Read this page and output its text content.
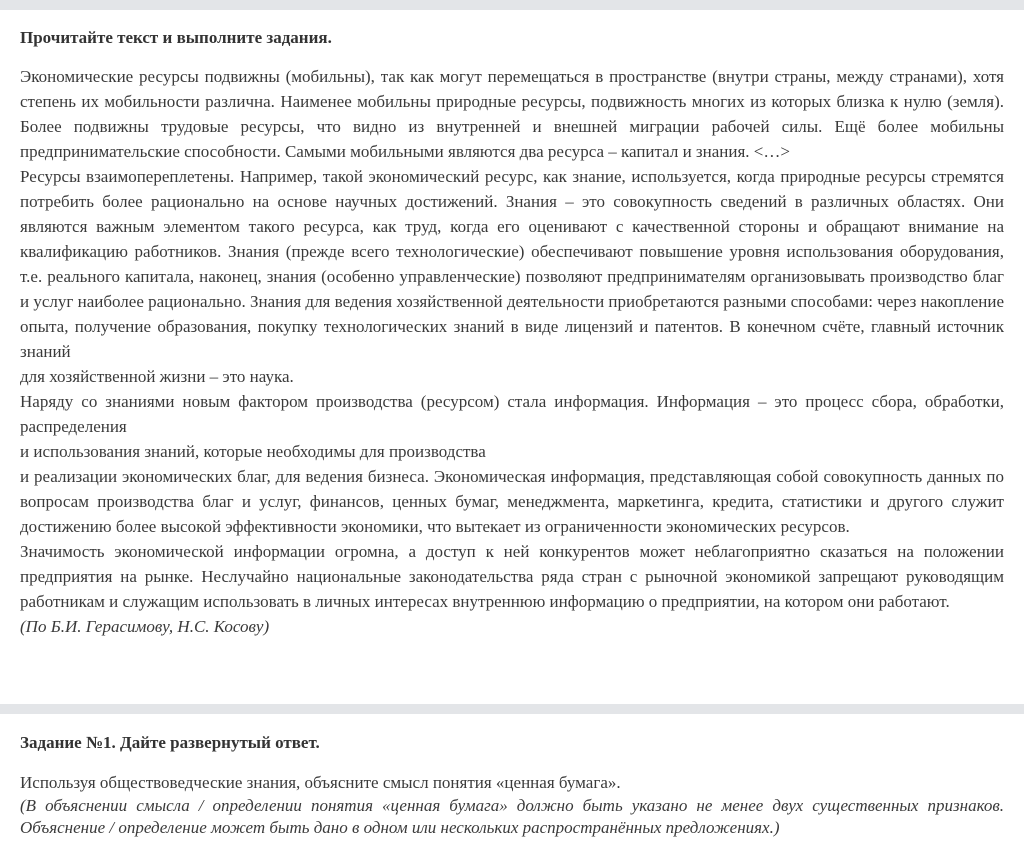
Прочитайте текст и выполните задания.

Экономические ресурсы подвижны (мобильны), так как могут перемещаться в пространстве (внутри страны, между странами), хотя степень их мобильности различна. Наименее мобильны природные ресурсы, подвижность многих из которых близка к нулю (земля). Более подвижны трудовые ресурсы, что видно из внутренней и внешней миграции рабочей силы. Ещё более мобильны предпринимательские способности. Самыми мобильными являются два ресурса – капитал и знания. <…>

Ресурсы взаимопереплетены. Например, такой экономический ресурс, как знание, используется, когда природные ресурсы стремятся потребить более рационально на основе научных достижений. Знания – это совокупность сведений в различных областях. Они являются важным элементом такого ресурса, как труд, когда его оценивают с качественной стороны и обращают внимание на квалификацию работников. Знания (прежде всего технологические) обеспечивают повышение уровня использования оборудования, т.е. реального капитала, наконец, знания (особенно управленческие) позволяют предпринимателям организовывать производство благ и услуг наиболее рационально. Знания для ведения хозяйственной деятельности приобретаются разными способами: через накопление опыта, получение образования, покупку технологических знаний в виде лицензий и патентов. В конечном счёте, главный источник знаний

для хозяйственной жизни – это наука.

Наряду со знаниями новым фактором производства (ресурсом) стала информация. Информация – это процесс сбора, обработки, распределения

и использования знаний, которые необходимы для производства

и реализации экономических благ, для ведения бизнеса. Экономическая информация, представляющая собой совокупность данных по вопросам производства благ и услуг, финансов, ценных бумаг, менеджмента, маркетинга, кредита, статистики и другого служит достижению более высокой эффективности экономики, что вытекает из ограниченности экономических ресурсов.

Значимость экономической информации огромна, а доступ к ней конкурентов может неблагоприятно сказаться на положении предприятия на рынке. Неслучайно национальные законодательства ряда стран с рыночной экономикой запрещают руководящим работникам и служащим использовать в личных интересах внутреннюю информацию о предприятии, на котором они работают.

(По Б.И. Герасимову, Н.С. Косову)

Задание №1. Дайте развернутый ответ.

Используя обществоведческие знания, объясните смысл понятия «ценная бумага».

(В объяснении смысла / определении понятия «ценная бумага» должно быть указано не менее двух существенных признаков. Объяснение / определение может быть дано в одном или нескольких распространённых предложениях.)
